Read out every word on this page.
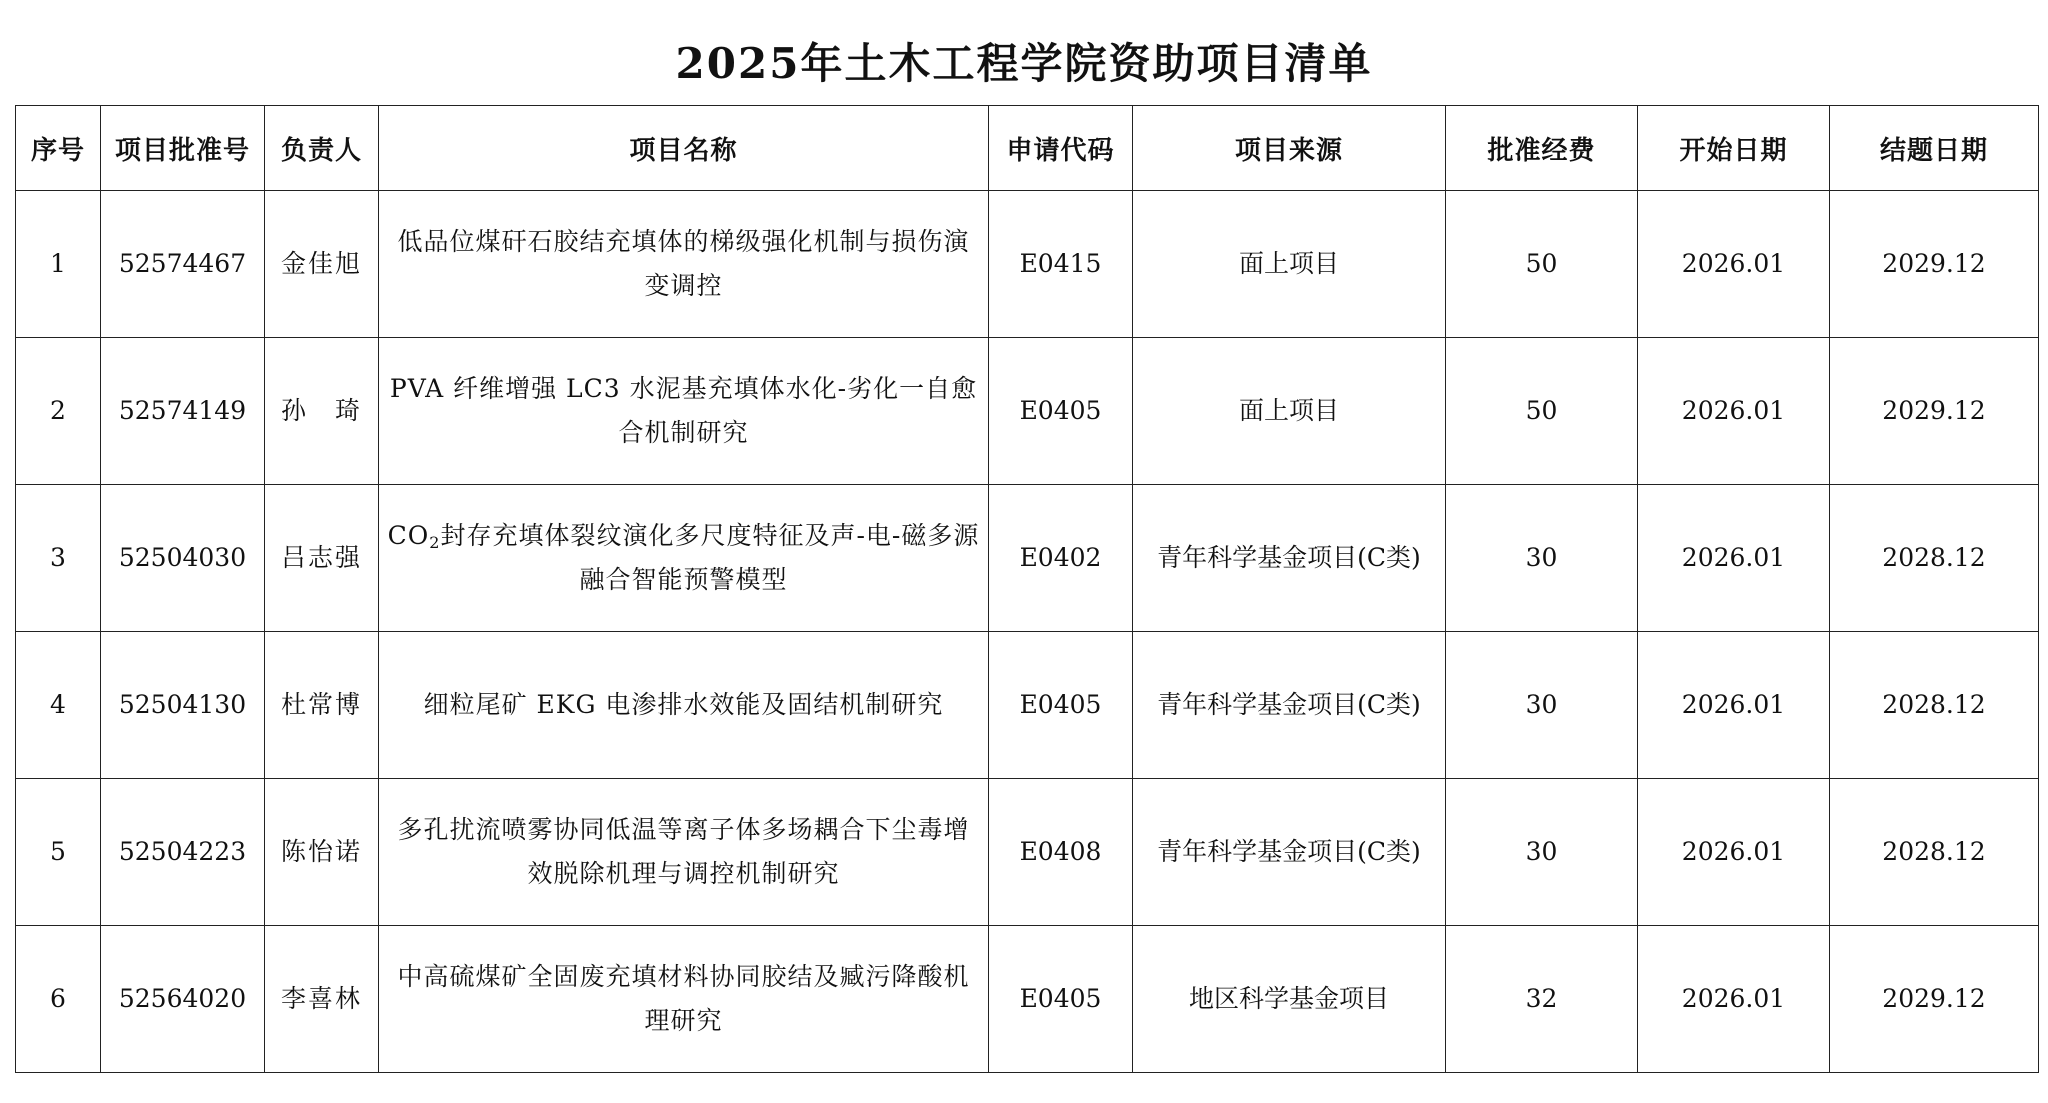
2025年土木工程学院资助项目清单
序号	项目批准号	负责人	项目名称	申请代码	项目来源	批准经费	开始日期	结题日期
1	52574467	金佳旭	低品位煤矸石胶结充填体的梯级强化机制与损伤演变调控	E0415	面上项目	50	2026.01	2029.12
2	52574149	孙　琦	PVA 纤维增强 LC3 水泥基充填体水化-劣化一自愈合机制研究	E0405	面上项目	50	2026.01	2029.12
3	52504030	吕志强	$CO_2$封存充填体裂纹演化多尺度特征及声-电-磁多源融合智能预警模型	E0402	青年科学基金项目(C类)	30	2026.01	2028.12
4	52504130	杜常博	细粒尾矿 EKG 电渗排水效能及固结机制研究	E0405	青年科学基金项目(C类)	30	2026.01	2028.12
5	52504223	陈怡诺	多孔扰流喷雾协同低温等离子体多场耦合下尘毒增效脱除机理与调控机制研究	E0408	青年科学基金项目(C类)	30	2026.01	2028.12
6	52564020	李喜林	中高硫煤矿全固废充填材料协同胶结及臧污降酸机理研究	E0405	地区科学基金项目	32	2026.01	2029.12
